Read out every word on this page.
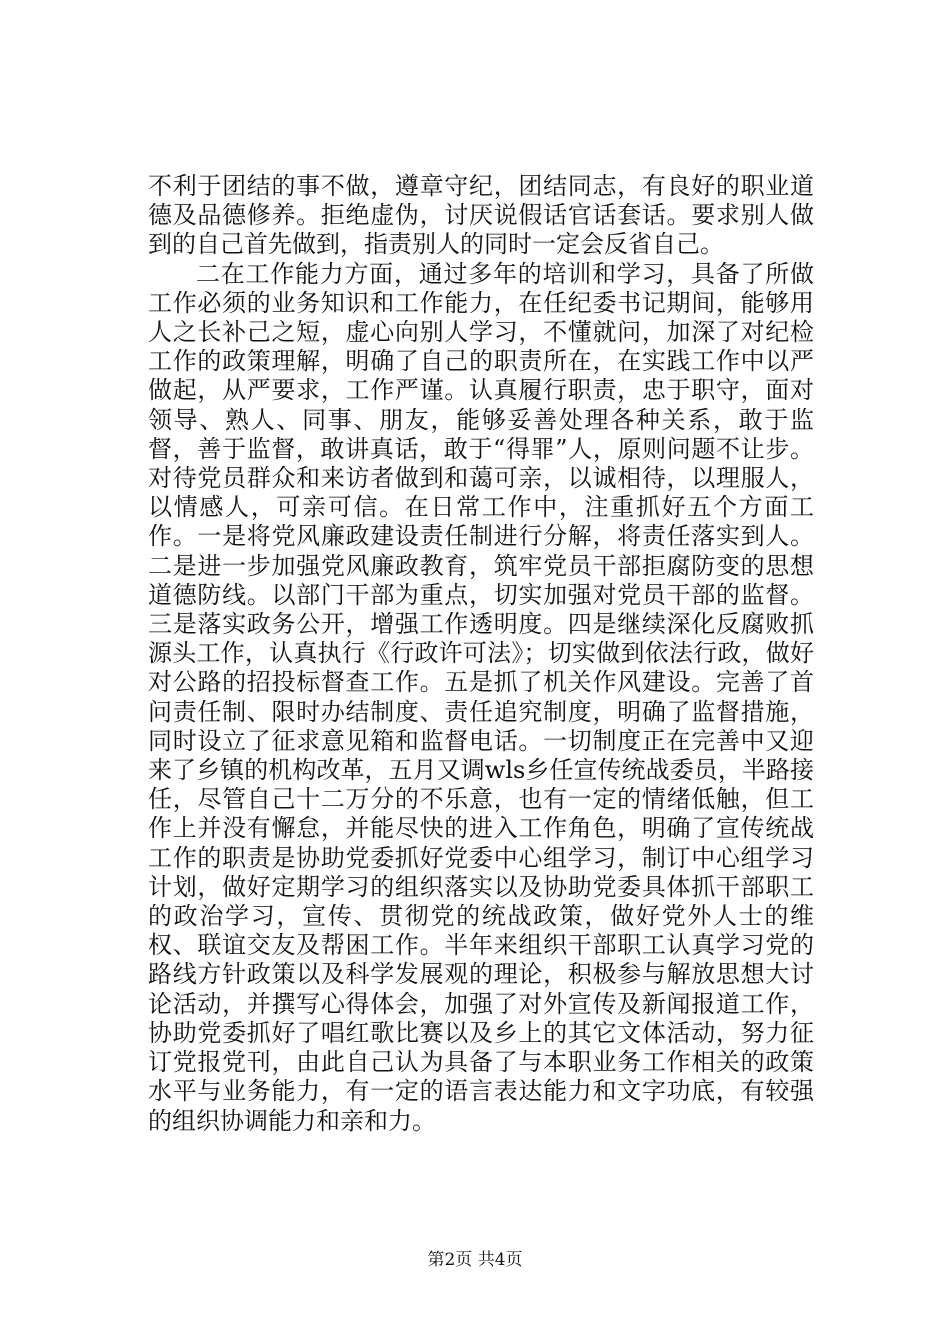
不利于团结的事不做，遵章守纪，团结同志，有良好的职业道德及品德修养。拒绝虚伪，讨厌说假话官话套话。要求别人做到的自己首先做到，指责别人的同时一定会反省自己。

二在工作能力方面，通过多年的培训和学习，具备了所做工作必须的业务知识和工作能力，在任纪委书记期间，能够用人之长补己之短，虚心向别人学习，不懂就问，加深了对纪检工作的政策理解，明确了自己的职责所在，在实践工作中以严做起，从严要求，工作严谨。认真履行职责，忠于职守，面对领导、熟人、同事、朋友，能够妥善处理各种关系，敢于监督，善于监督，敢讲真话，敢于“得罪”人，原则问题不让步。对待党员群众和来访者做到和蔼可亲，以诚相待，以理服人，以情感人，可亲可信。在日常工作中，注重抓好五个方面工作。一是将党风廉政建设责任制进行分解，将责任落实到人。二是进一步加强党风廉政教育，筑牢党员干部拒腐防变的思想道德防线。以部门干部为重点，切实加强对党员干部的监督。三是落实政务公开，增强工作透明度。四是继续深化反腐败抓源头工作，认真执行《行政许可法》；切实做到依法行政，做好对公路的招投标督查工作。五是抓了机关作风建设。完善了首问责任制、限时办结制度、责任追究制度，明确了监督措施，同时设立了征求意见箱和监督电话。一切制度正在完善中又迎来了乡镇的机构改革，五月又调wls乡任宣传统战委员，半路接任，尽管自己十二万分的不乐意，也有一定的情绪低触，但工作上并没有懈怠，并能尽快的进入工作角色，明确了宣传统战工作的职责是协助党委抓好党委中心组学习，制订中心组学习计划，做好定期学习的组织落实以及协助党委具体抓干部职工的政治学习，宣传、贯彻党的统战政策，做好党外人士的维权、联谊交友及帮困工作。半年来组织干部职工认真学习党的路线方针政策以及科学发展观的理论，积极参与解放思想大讨论活动，并撰写心得体会，加强了对外宣传及新闻报道工作，协助党委抓好了唱红歌比赛以及乡上的其它文体活动，努力征订党报党刊，由此自己认为具备了与本职业务工作相关的政策水平与业务能力，有一定的语言表达能力和文字功底，有较强的组织协调能力和亲和力。

第2页 共4页
